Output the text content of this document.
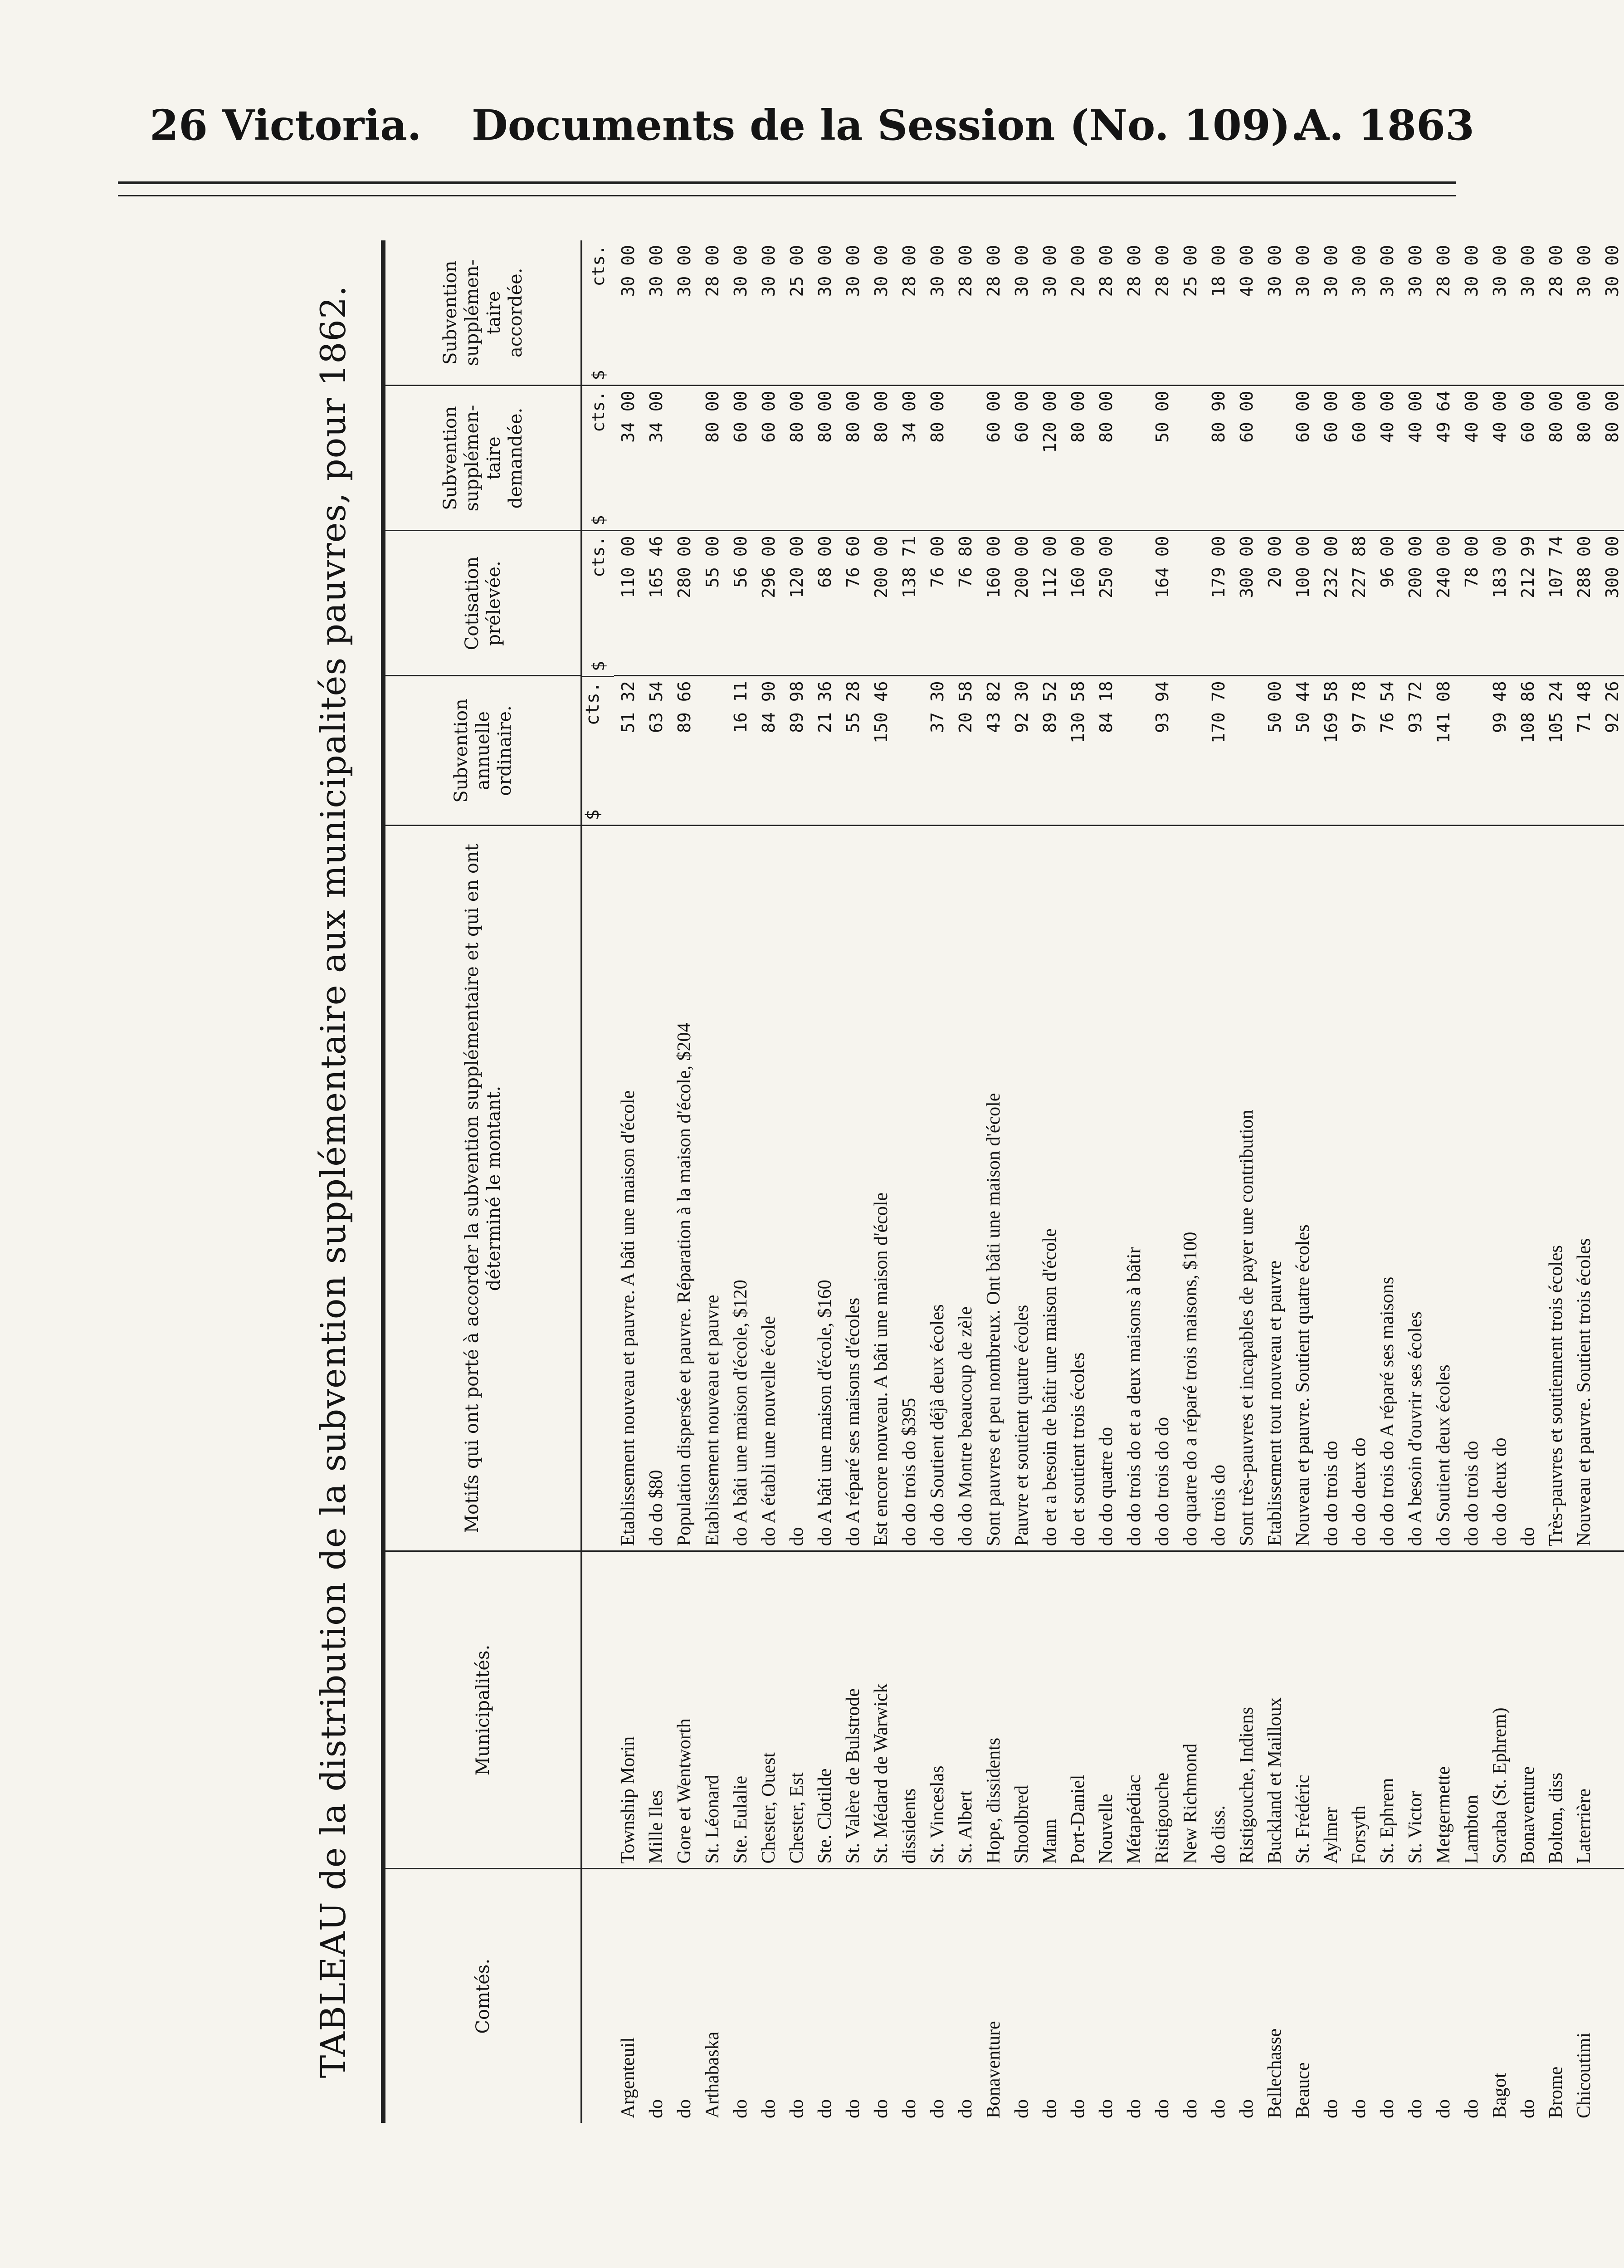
26 Victoria. Documents de la Session (No. 109).
A. 1863
TABLEAU de la distribution de la subvention supplémentaire aux municipalités pauvres, pour 1862.	Comtés.	Municipalités.	Motifs qui ont porté à accorder la subvention supplémentaire et qui en ont déterminé le montant.	Subvention annuelle ordinaire.	Cotisation prélevée.	Subvention supplémen-taire demandée.	Subvention supplémen-taire accordée.

$
cts.
$
cts.	$
cts.	$
cts.

Argenteuil	Township Morin	Etablissement nouveau et pauvre. A bâti une maison d'école	51 32	110 00	34 00	30 00
do	Mille Iles	do do $80	63 54	165 46	34 00	30 00
do	Gore et Wentworth	Population dispersée et pauvre. Réparation à la maison d'école, $204	89 66	280 00		30 00
Arthabaska	St. Léonard	Etablissement nouveau et pauvre		55 00	80 00	28 00
do	Ste. Eulalie	do A bâti une maison d'école, $120	16 11	56 00	60 00	30 00
do	Chester, Ouest	do A établi une nouvelle école	84 90	296 00	60 00	30 00
do	Chester, Est	do	89 98	120 00	80 00	25 00
do	Ste. Clotilde	do A bâti une maison d'école, $160	21 36	68 00	80 00	30 00
do	St. Valère de Bulstrode	do A réparé ses maisons d'écoles	55 28	76 60	80 00	30 00
do	St. Médard de Warwick	Est encore nouveau. A bâti une maison d'école	150 46	200 00	80 00	30 00
do	dissidents	do do trois do $395		138 71	34 00	28 00
do	St. Vinceslas	do do Soutient déjà deux écoles	37 30	76 00	80 00	30 00
do	St. Albert	do do Montre beaucoup de zèle	20 58	76 80		28 00
Bonaventure	Hope, dissidents	Sont pauvres et peu nombreux. Ont bâti une maison d'école	43 82	160 00	60 00	28 00
do	Shoolbred	Pauvre et soutient quatre écoles	92 30	200 00	60 00	30 00
do	Mann	do et a besoin de bâtir une maison d'école	89 52	112 00	120 00	30 00
do	Port-Daniel	do et soutient trois écoles	130 58	160 00	80 00	20 00
do	Nouvelle	do do quatre do	84 18	250 00	80 00	28 00
do	Métapédiac	do do trois do et a deux maisons à bâtir				28 00
do	Ristigouche	do do trois do do	93 94	164 00	50 00	28 00
do	New Richmond	do quatre do a réparé trois maisons, $100				25 00
do	do diss.	do trois do	170 70	179 00	80 90	18 00
do	Ristigouche, Indiens	Sont très-pauvres et incapables de payer une contribution		300 00	60 00	40 00
Bellechasse	Buckland et Mailloux	Etablissement tout nouveau et pauvre	50 00	20 00		30 00
Beauce	St. Frédéric	Nouveau et pauvre. Soutient quatre écoles	50 44	100 00	60 00	30 00
do	Aylmer	do do trois do	169 58	232 00	60 00	30 00
do	Forsyth	do do deux do	97 78	227 88	60 00	30 00
do	St. Ephrem	do do trois do A réparé ses maisons	76 54	96 00	40 00	30 00
do	St. Victor	do A besoin d'ouvrir ses écoles	93 72	200 00	40 00	30 00
do	Metgermette	do Soutient deux écoles	141 08	240 00	49 64	28 00
do	Lambton	do do trois do		78 00	40 00	30 00
Bagot	Soraba (St. Ephrem)	do do deux do	99 48	183 00	40 00	30 00
do	Bonaventure	do	108 86	212 99	60 00	30 00
Brome	Bolton, diss	Très-pauvres et soutiennent trois écoles	105 24	107 74	80 00	28 00
Chicoutimi	Laterrière	Nouveau et pauvre. Soutient trois écoles	71 48	288 00	80 00	30 00
			92 26	300 00	80 00	30 00
